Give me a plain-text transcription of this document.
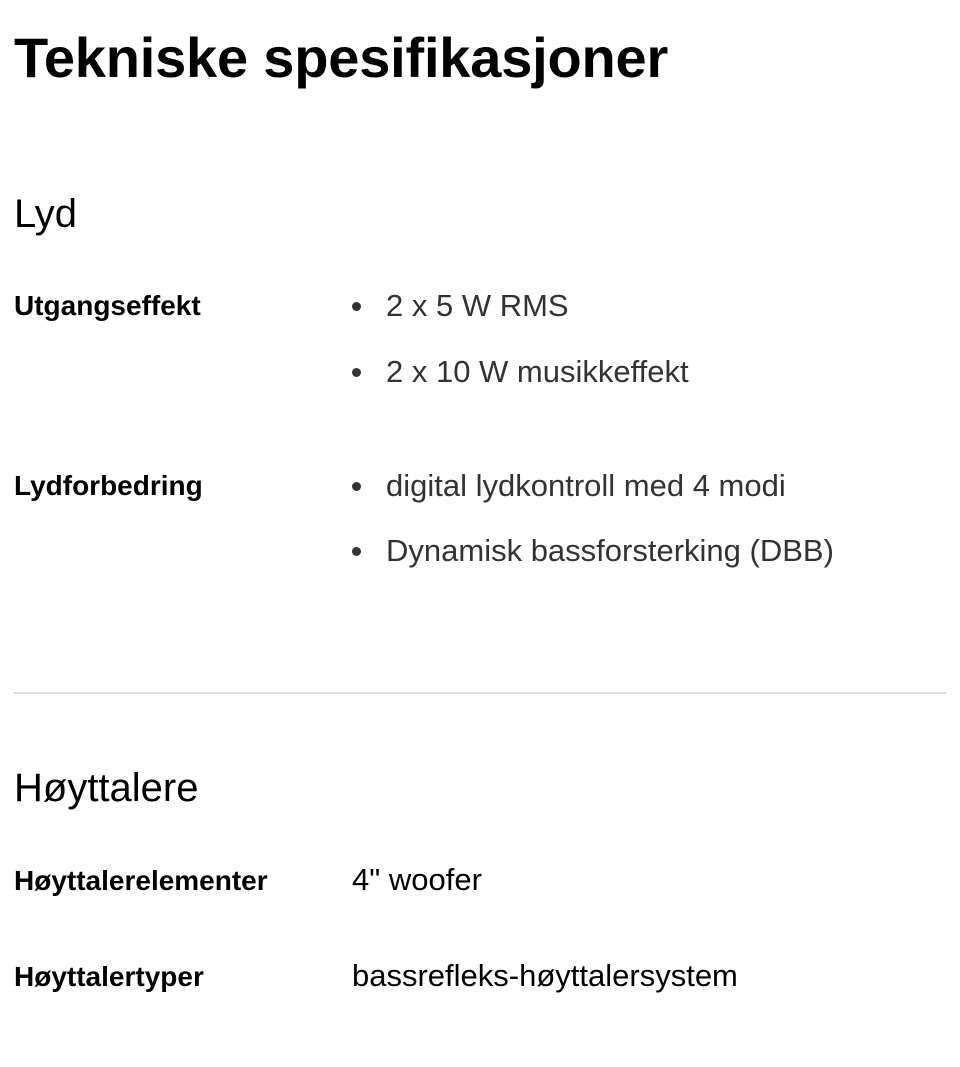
Tekniske spesifikasjoner
Lyd
Utgangseffekt	2 x 5 W RMS
2 x 10 W musikkeffekt
Lydforbedring	digital lydkontroll med 4 modi
Dynamisk bassforsterking (DBB)
Høyttalere
Høyttalerelementer	4" woofer
Høyttalertyper	bassrefleks-høyttalersystem
